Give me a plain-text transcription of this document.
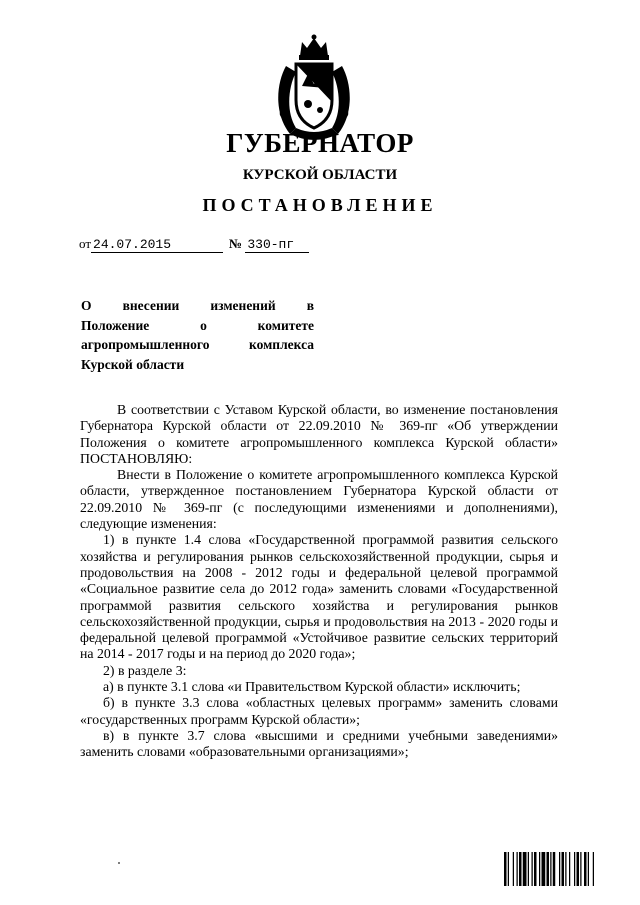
ГУБЕРНАТОР
КУРСКОЙ ОБЛАСТИ
ПОСТАНОВЛЕНИЕ
от 24.07.2015	№ 330-пг

О внесении изменений в

Положение о комитете

агропромышленного комплекса

Курской области

В соответствии с Уставом Курской области, во изменение постановления Губернатора Курской области от 22.09.2010 № 369-пг «Об утверждении Положения о комитете агропромышленного комплекса Курской области» ПОСТАНОВЛЯЮ:

Внести в Положение о комитете агропромышленного комплекса Курской области, утвержденное постановлением Губернатора Курской области от 22.09.2010 № 369-пг (с последующими изменениями и дополнениями), следующие изменения:

1) в пункте 1.4 слова «Государственной программой развития сельского хозяйства и регулирования рынков сельскохозяйственной продукции, сырья и продовольствия на 2008 - 2012 годы и федеральной целевой программой «Социальное развитие села до 2012 года» заменить словами «Государственной программой развития сельского хозяйства и регулирования рынков сельскохозяйственной продукции, сырья и продовольствия на 2013 - 2020 годы и федеральной целевой программой «Устойчивое развитие сельских территорий на 2014 - 2017 годы и на период до 2020 года»;

2) в разделе 3:

а) в пункте 3.1 слова «и Правительством Курской области» исключить;

б) в пункте 3.3 слова «областных целевых программ» заменить словами «государственных программ Курской области»;

в) в пункте 3.7 слова «высшими и средними учебными заведениями» заменить словами «образовательными организациями»;
